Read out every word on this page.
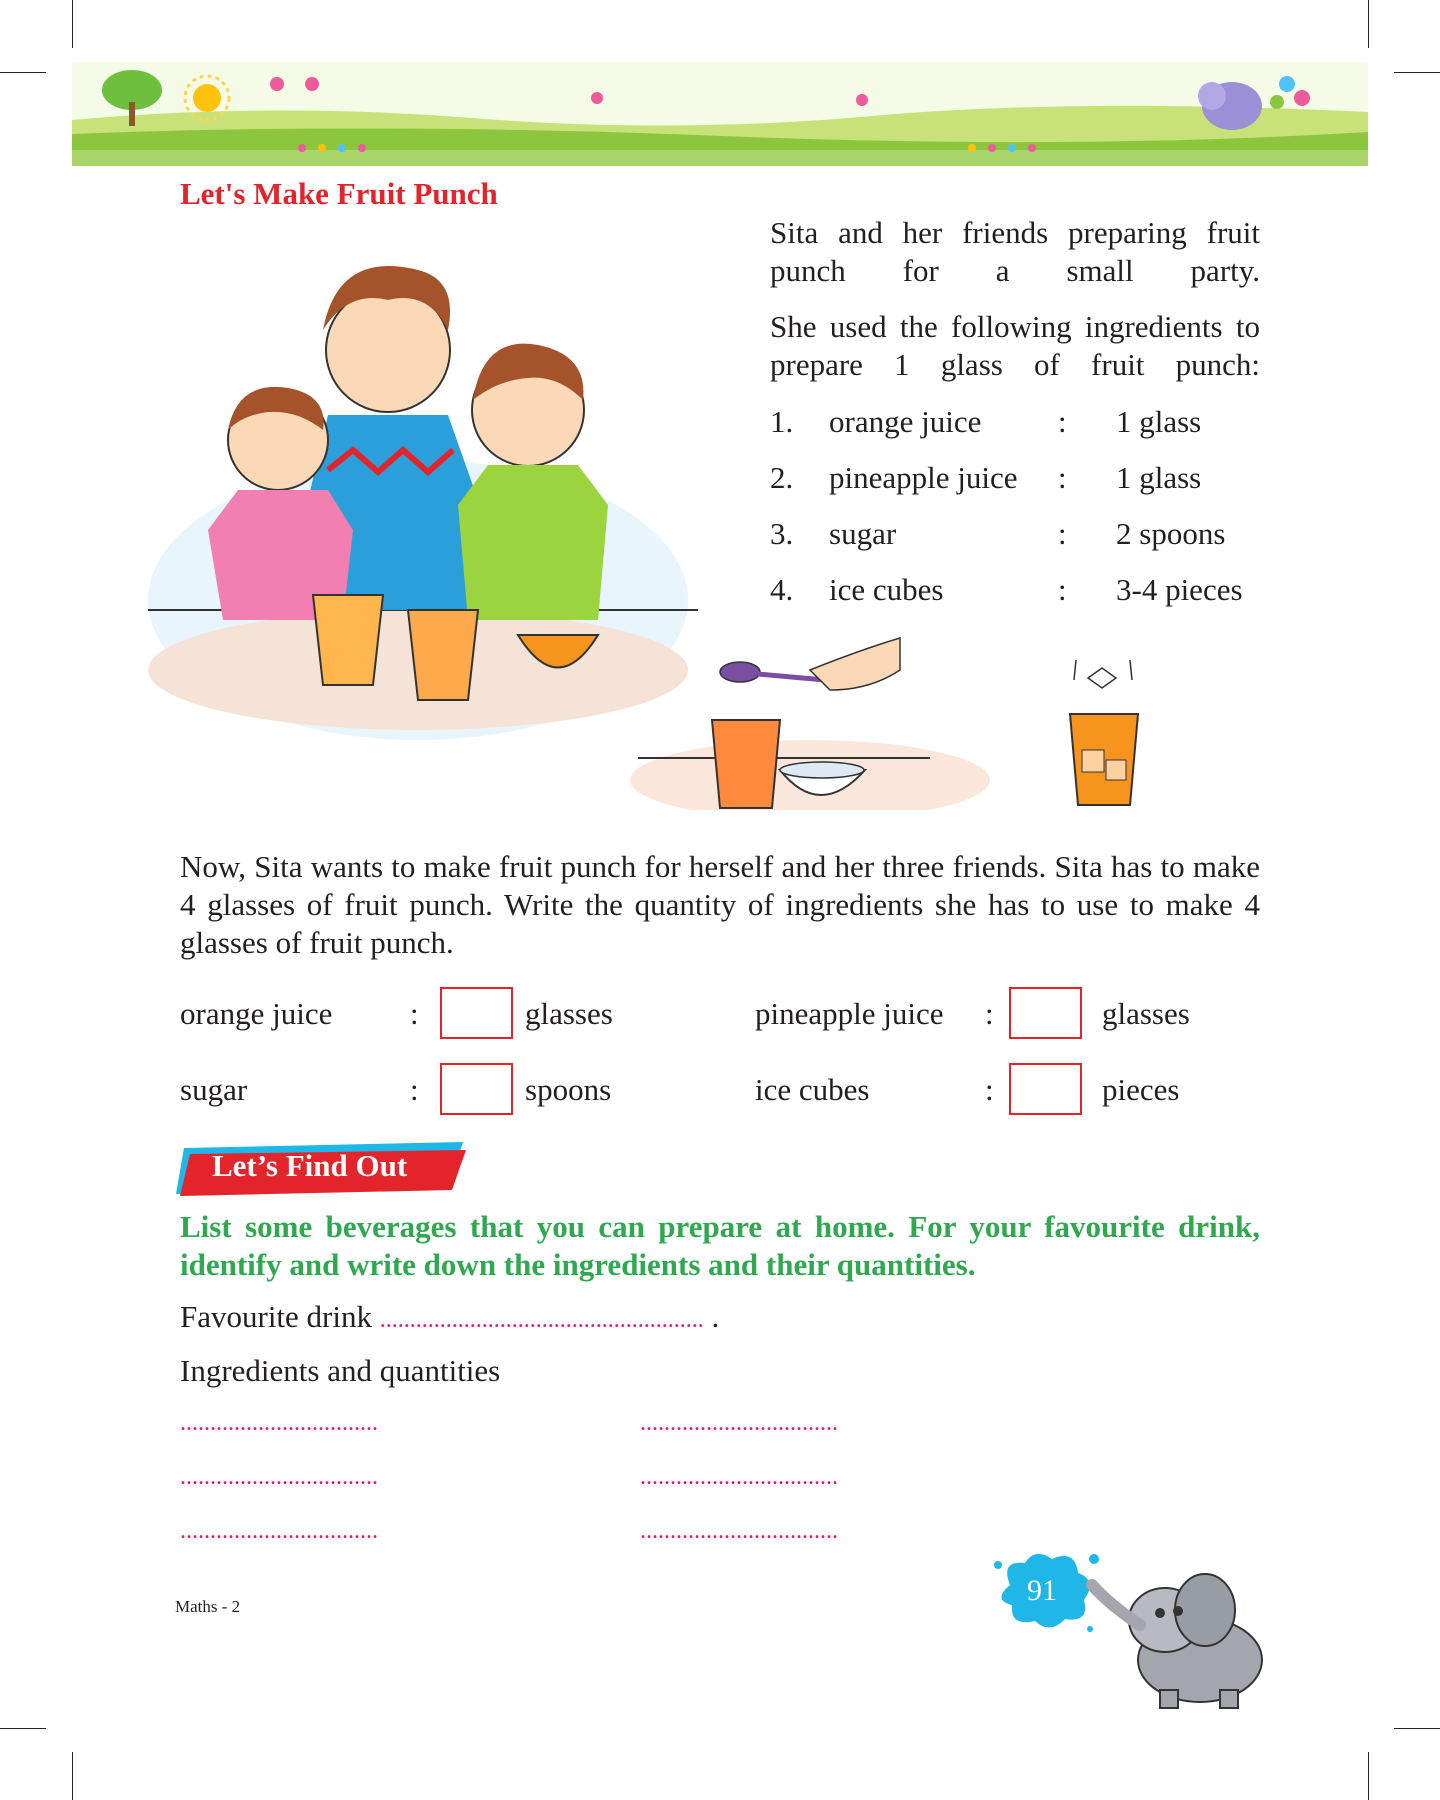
Let's Make Fruit Punch
Sita and her friends preparing fruit punch for a small party.
She used the following ingredients to prepare 1 glass of fruit punch:
1. orange juice : 1 glass
2. pineapple juice : 1 glass
3. sugar	: 2 spoons
4. ice cubes	: 3-4 pieces
Now, Sita wants to make fruit punch for herself and her three friends. Sita has to make 4 glasses of fruit punch. Write the quantity of ingredients she has to use to make 4 glasses of fruit punch.
orange juice	:	glasses	pineapple juice :	glasses
sugar	:	spoons	ice cubes	:	pieces
Let’s Find Out
List some beverages that you can prepare at home. For your favourite drink, identify and write down the ingredients and their quantities.
Favourite drink ...................................................... .
Ingredients and quantities
.................................	.................................
.................................	.................................
.................................	.................................
Maths - 2	91
